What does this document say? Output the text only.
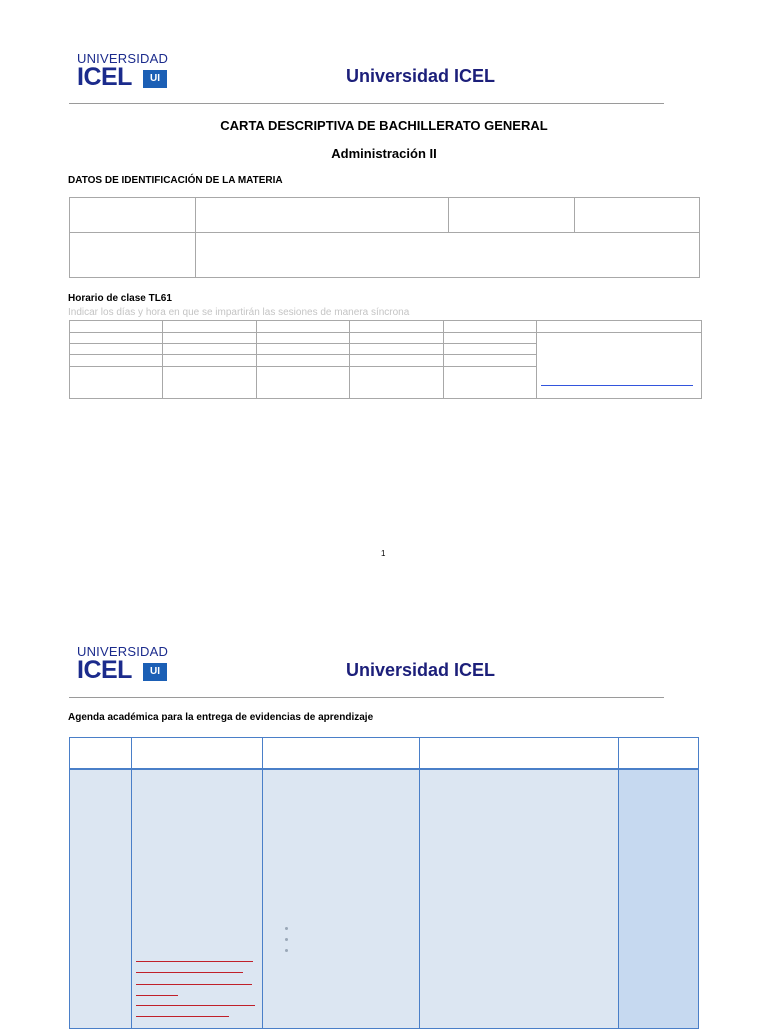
UNIVERSIDAD
ICEL	UI	Universidad ICEL
CARTA DESCRIPTIVA DE BACHILLERATO GENERAL
Administración II
DATOS DE IDENTIFICACIÓN DE LA MATERIA
Horario de clase TL61
Indicar los días y hora en que se impartirán las sesiones de manera síncrona
1
UNIVERSIDAD
ICEL	UI	Universidad ICEL
Agenda académica para la entrega de evidencias de aprendizaje
